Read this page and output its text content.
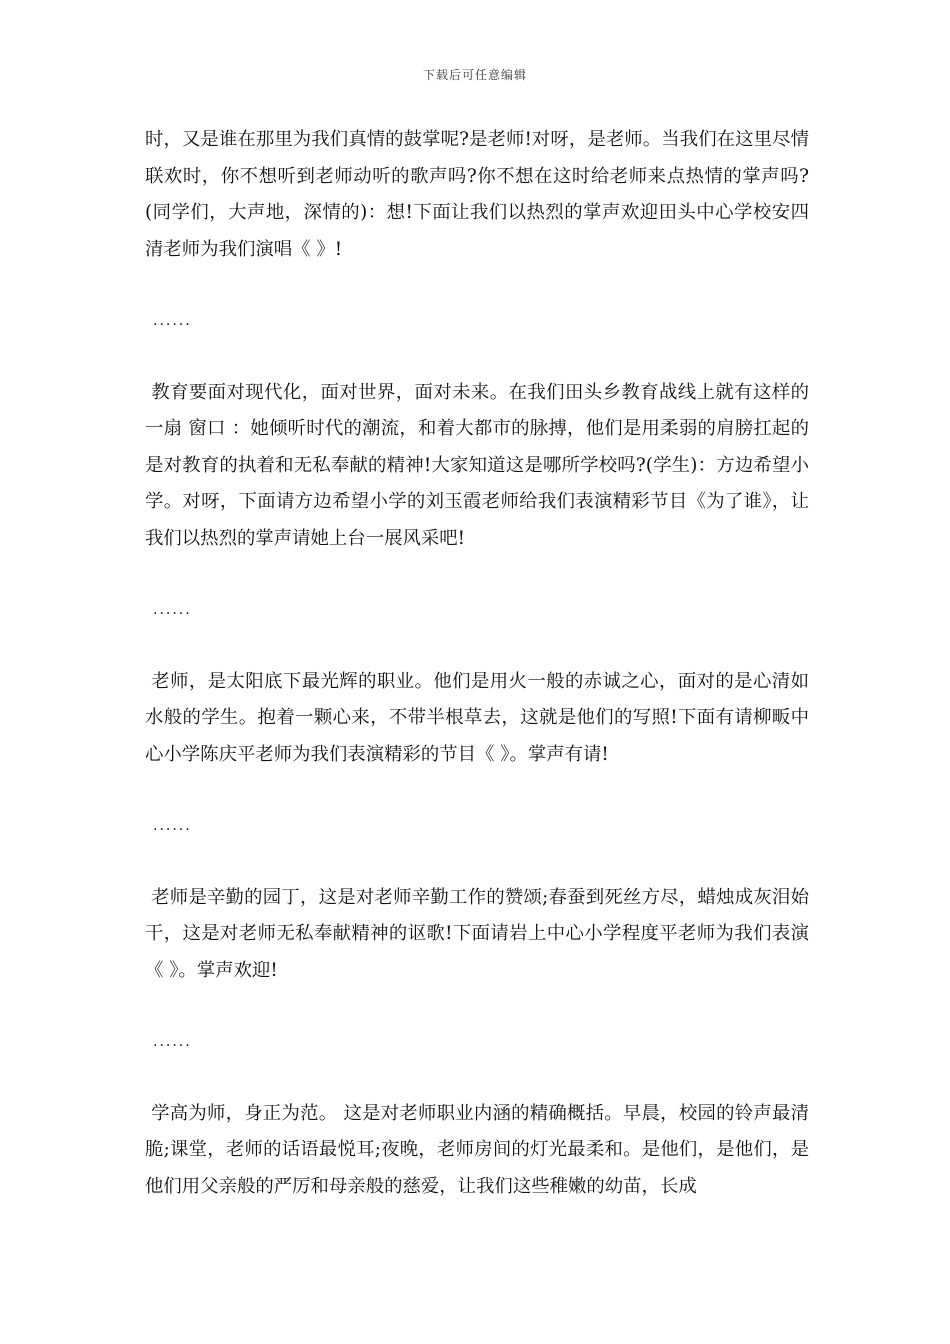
下载后可任意编辑

时，又是谁在那里为我们真情的鼓掌呢?是老师!对呀，是老师。当我们在这里尽情联欢时，你不想听到老师动听的歌声吗?你不想在这时给老师来点热情的掌声吗?(同学们，大声地，深情的)：想!下面让我们以热烈的掌声欢迎田头中心学校安四清老师为我们演唱《 》!

......

教育要面对现代化，面对世界，面对未来。在我们田头乡教育战线上就有这样的一扇 窗口 ：她倾听时代的潮流，和着大都市的脉搏，他们是用柔弱的肩膀扛起的是对教育的执着和无私奉献的精神!大家知道这是哪所学校吗?(学生)：方边希望小学。对呀，下面请方边希望小学的刘玉霞老师给我们表演精彩节目《为了谁》，让我们以热烈的掌声请她上台一展风采吧!

......

老师，是太阳底下最光辉的职业。他们是用火一般的赤诚之心，面对的是心清如水般的学生。抱着一颗心来，不带半根草去，这就是他们的写照!下面有请柳畈中心小学陈庆平老师为我们表演精彩的节目《 》。掌声有请!

......

老师是辛勤的园丁，这是对老师辛勤工作的赞颂;春蚕到死丝方尽，蜡烛成灰泪始干，这是对老师无私奉献精神的讴歌!下面请岩上中心小学程度平老师为我们表演《 》。掌声欢迎!

......

学高为师，身正为范。 这是对老师职业内涵的精确概括。早晨，校园的铃声最清脆;课堂，老师的话语最悦耳;夜晚，老师房间的灯光最柔和。是他们，是他们，是他们用父亲般的严厉和母亲般的慈爱，让我们这些稚嫩的幼苗，长成
